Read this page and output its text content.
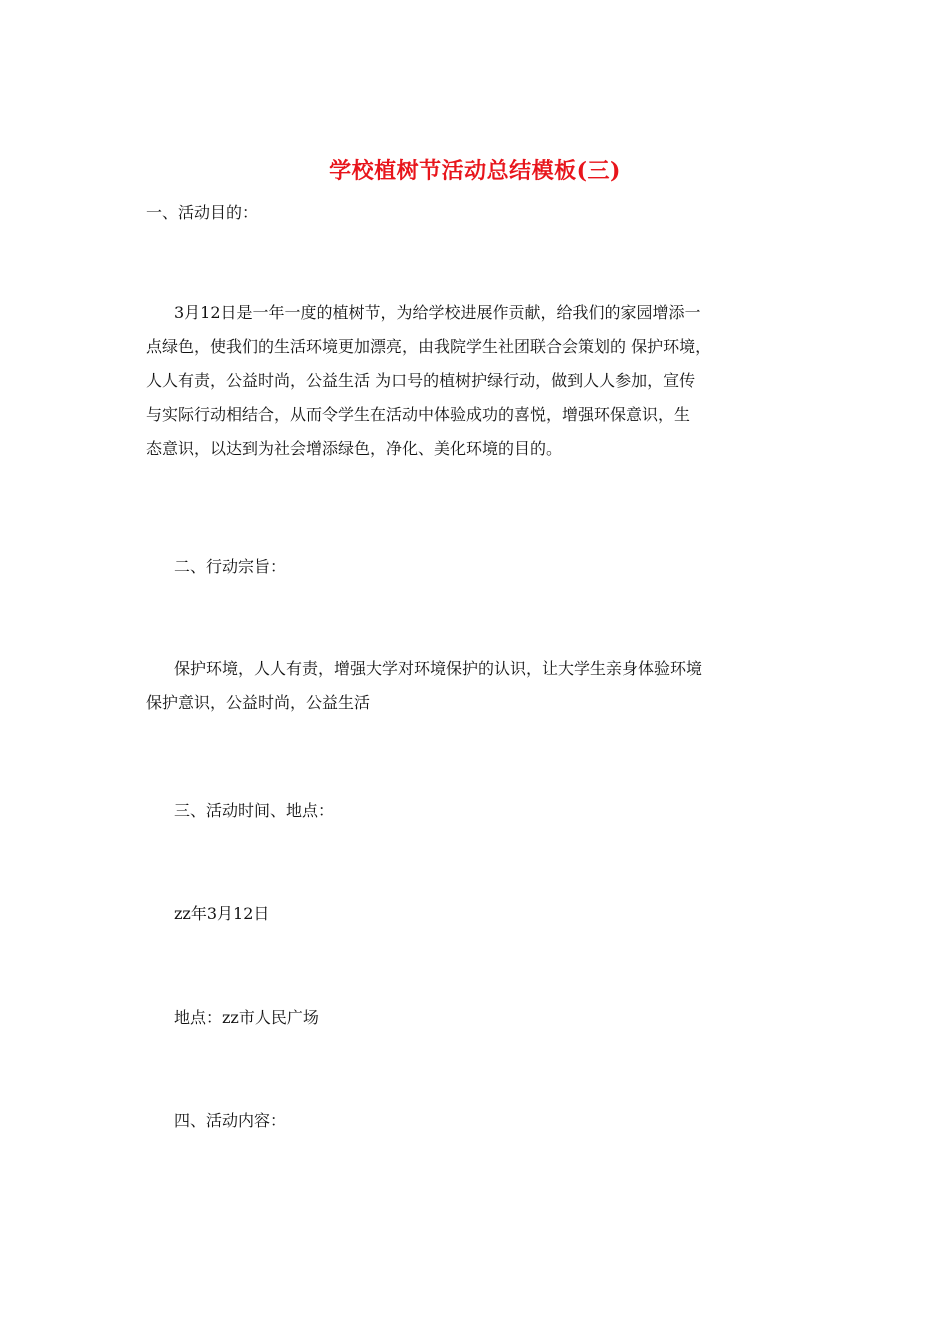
学校植树节活动总结模板(三)
一、活动目的：
3月12日是一年一度的植树节，为给学校进展作贡献，给我们的家园增添一
点绿色，使我们的生活环境更加漂亮，由我院学生社团联合会策划的 保护环境，
人人有责，公益时尚，公益生活 为口号的植树护绿行动，做到人人参加，宣传
与实际行动相结合，从而令学生在活动中体验成功的喜悦，增强环保意识，生
态意识，以达到为社会增添绿色，净化、美化环境的目的。
二、行动宗旨：
保护环境，人人有责，增强大学对环境保护的认识，让大学生亲身体验环境
保护意识，公益时尚，公益生活
三、活动时间、地点：
zz年3月12日
地点：zz市人民广场
四、活动内容：
